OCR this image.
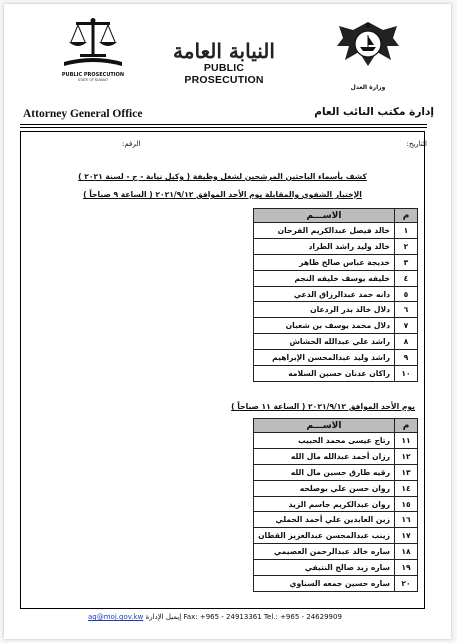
PUBLIC PROSECUTION
STATE OF KUWAIT
النيابة العامة
PUBLIC PROSECUTION
وزارة العدل
Attorney General Office	إدارة مكتب النائب العام
التاريخ:
الرقم:
كشف بأسماء الباحثين المرشحين لشغل وظيفة ( وكيل نيابة - ج - لسنة ٢٠٢١ )
الإختبار الشفوي والمقابلة يوم الأحد الموافق ٢٠٢١/٩/١٢ ( الساعة ٩ صباحاً )
م	الاســـم
١	خالد فيصل عبدالكريم الفرحان
٢	خالد وليد راشد الطراد
٣	خديجة عباس صالح طاهر
٤	خليفه يوسف خليفه النجم
٥	دانه حمد عبدالرزاق الدعي
٦	دلال خالد بدر الردعان
٧	دلال محمد يوسف بن شعبان
٨	راشد علي عبدالله الحشاش
٩	راشد وليد عبدالمحسن الإبراهيم
١٠	راكان عدنان حسين السلامه
يوم الأحد الموافق ٢٠٢١/٩/١٢ ( الساعة ١١ صباحاً )
م	الاســـم
١١	رتاج عيسى محمد الحبيب
١٢	رزان أحمد عبدالله مال الله
١٣	رقيه طارق حسين مال الله
١٤	روان حسن علي بوصلحه
١٥	روان عبدالكريم جاسم الزيد
١٦	زين العابدين علي أحمد الحملي
١٧	زينب عبدالمحسن عبدالعزيز القطان
١٨	ساره خالد عبدالرحمن العصيمي
١٩	ساره زيد صالح النتيفي
٢٠	ساره حسين جمعه السناوي
ag@moj.gov.kw إيميل الإدارة Fax: +965 - 24913361 Tel.: +965 - 24629909
